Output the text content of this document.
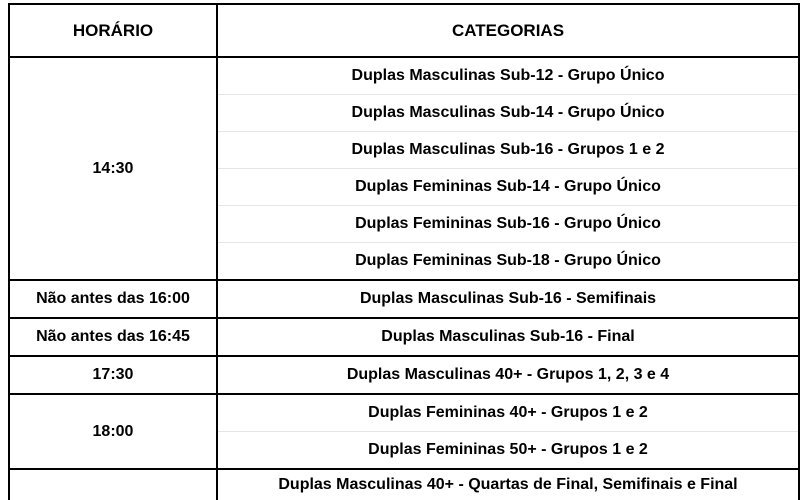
HORÁRIO	CATEGORIAS
14:30	Duplas Masculinas Sub-12 - Grupo Único
	Duplas Masculinas Sub-14 - Grupo Único
	Duplas Masculinas Sub-16 - Grupos 1 e 2
	Duplas Femininas Sub-14 - Grupo Único
	Duplas Femininas Sub-16 - Grupo Único
	Duplas Femininas Sub-18 - Grupo Único
Não antes das 16:00	Duplas Masculinas Sub-16 - Semifinais
Não antes das 16:45	Duplas Masculinas Sub-16 - Final
17:30	Duplas Masculinas 40+ - Grupos 1, 2, 3 e 4
18:00	Duplas Femininas 40+ - Grupos 1 e 2
	Duplas Femininas 50+ - Grupos 1 e 2
	Duplas Masculinas 40+ - Quartas de Final, Semifinais e Final
